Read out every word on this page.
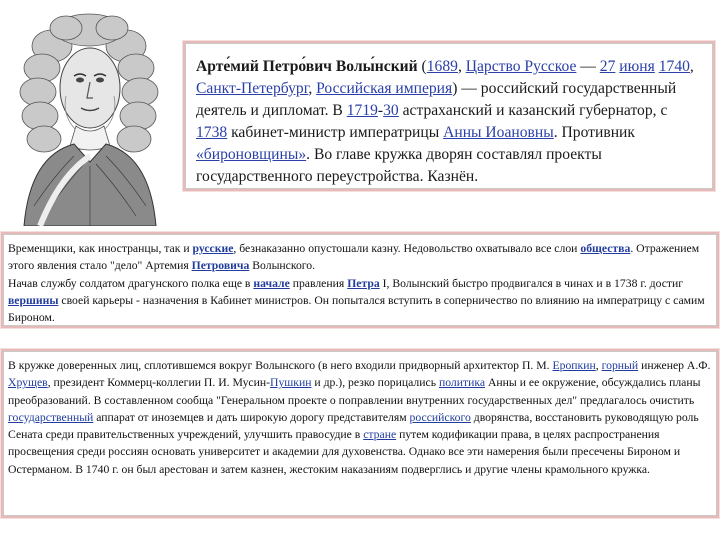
Арте́мий Петро́вич Волы́нский (1689, Царство Русское — 27 июня 1740, Санкт-Петербург, Российская империя) — российский государственный деятель и дипломат. В 1719-30 астраханский и казанский губернатор, с 1738 кабинет-министр императрицы Анны Иоановны. Противник «бироновщины». Во главе кружка дворян составлял проекты государственного переустройства. Казнён.
Временщики, как иностранцы, так и русские, безнаказанно опустошали казну. Недовольство охватывало все слои общества. Отражением этого явления стало "дело" Артемия Петровича Волынского.
Начав службу солдатом драгунского полка еще в начале правления Петра I, Волынский быстро продвигался в чинах и в 1738 г. достиг вершины своей карьеры - назначения в Кабинет министров. Он попытался вступить в соперничество по влиянию на императрицу с самим Бироном.
В кружке доверенных лиц, сплотившемся вокруг Волынского (в него входили придворный архитектор П. М. Еропкин, горный инженер А.Ф. Хрущев, президент Коммерц-коллегии П. И. Мусин-Пушкин и др.), резко порицались политика Анны и ее окружение, обсуждались планы преобразований. В составленном сообща "Генеральном проекте о поправлении внутренних государственных дел" предлагалось очистить государственный аппарат от иноземцев и дать широкую дорогу представителям российского дворянства, восстановить руководящую роль Сената среди правительственных учреждений, улучшить правосудие в стране путем кодификации права, в целях распространения просвещения среди россиян основать университет и академии для духовенства. Однако все эти намерения были пресечены Бироном и Остерманом. В 1740 г. он был арестован и затем казнен, жестоким наказаниям подверглись и другие члены крамольного кружка.
